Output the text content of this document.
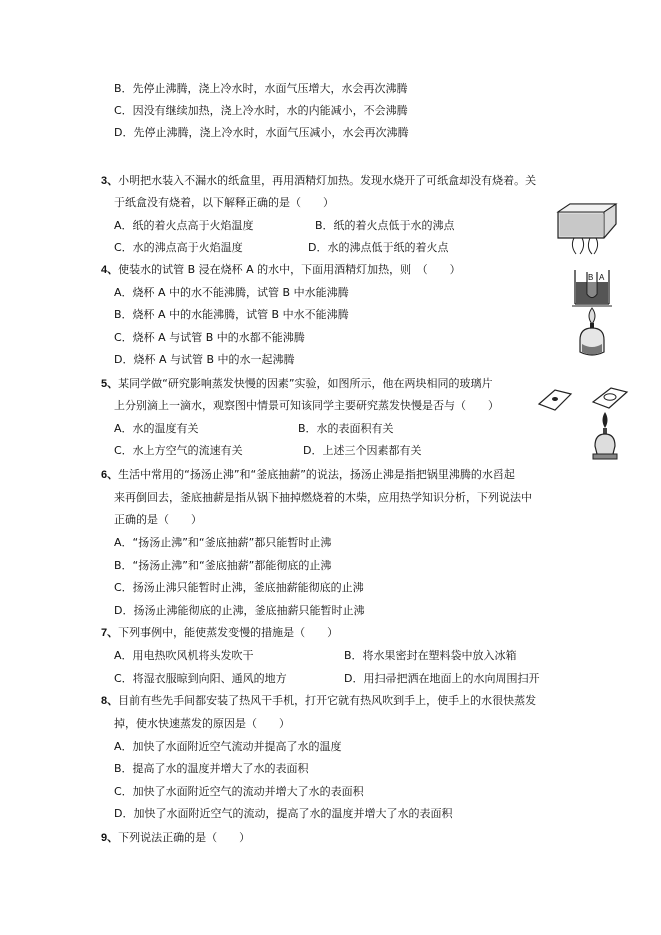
B．先停止沸腾，浇上冷水时，水面气压增大，水会再次沸腾
C．因没有继续加热，浇上冷水时，水的内能减小，不会沸腾
D．先停止沸腾，浇上冷水时，水面气压减小，水会再次沸腾
3、小明把水装入不漏水的纸盒里，再用酒精灯加热。发现水烧开了可纸盒却没有烧着。关
于纸盒没有烧着，以下解释正确的是（　　）
A．纸的着火点高于火焰温度	B．纸的着火点低于水的沸点
C．水的沸点高于火焰温度	D．水的沸点低于纸的着火点
4、使装水的试管 B 浸在烧杯 A 的水中，下面用酒精灯加热，则　（　　）
A．烧杯 A 中的水不能沸腾，试管 B 中水能沸腾
B．烧杯 A 中的水能沸腾，试管 B 中水不能沸腾
C．烧杯 A 与试管 B 中的水都不能沸腾
D．烧杯 A 与试管 B 中的水一起沸腾
B A
5、某同学做“研究影响蒸发快慢的因素”实验，如图所示，他在两块相同的玻璃片
上分别滴上一滴水，观察图中情景可知该同学主要研究蒸发快慢是否与（　　）
A．水的温度有关	B．水的表面积有关
C．水上方空气的流速有关	D．上述三个因素都有关
6、生活中常用的“扬汤止沸”和“釜底抽薪”的说法，扬汤止沸是指把锅里沸腾的水舀起
来再倒回去，釜底抽薪是指从锅下抽掉燃烧着的木柴，应用热学知识分析，下列说法中
正确的是（　　）
A．“扬汤止沸”和“釜底抽薪”都只能暂时止沸
B．“扬汤止沸”和“釜底抽薪”都能彻底的止沸
C．扬汤止沸只能暂时止沸，釜底抽薪能彻底的止沸
D．扬汤止沸能彻底的止沸，釜底抽薪只能暂时止沸
7、下列事例中，能使蒸发变慢的措施是（　　）
A．用电热吹风机将头发吹干	B．将水果密封在塑料袋中放入冰箱
C．将湿衣服晾到向阳、通风的地方	D．用扫帚把洒在地面上的水向周围扫开
8、目前有些先手间都安装了热风干手机，打开它就有热风吹到手上，使手上的水很快蒸发
掉，使水快速蒸发的原因是（　　）
A．加快了水面附近空气流动并提高了水的温度
B．提高了水的温度并增大了水的表面积
C．加快了水面附近空气的流动并增大了水的表面积
D．加快了水面附近空气的流动，提高了水的温度并增大了水的表面积
9、下列说法正确的是（　　）
